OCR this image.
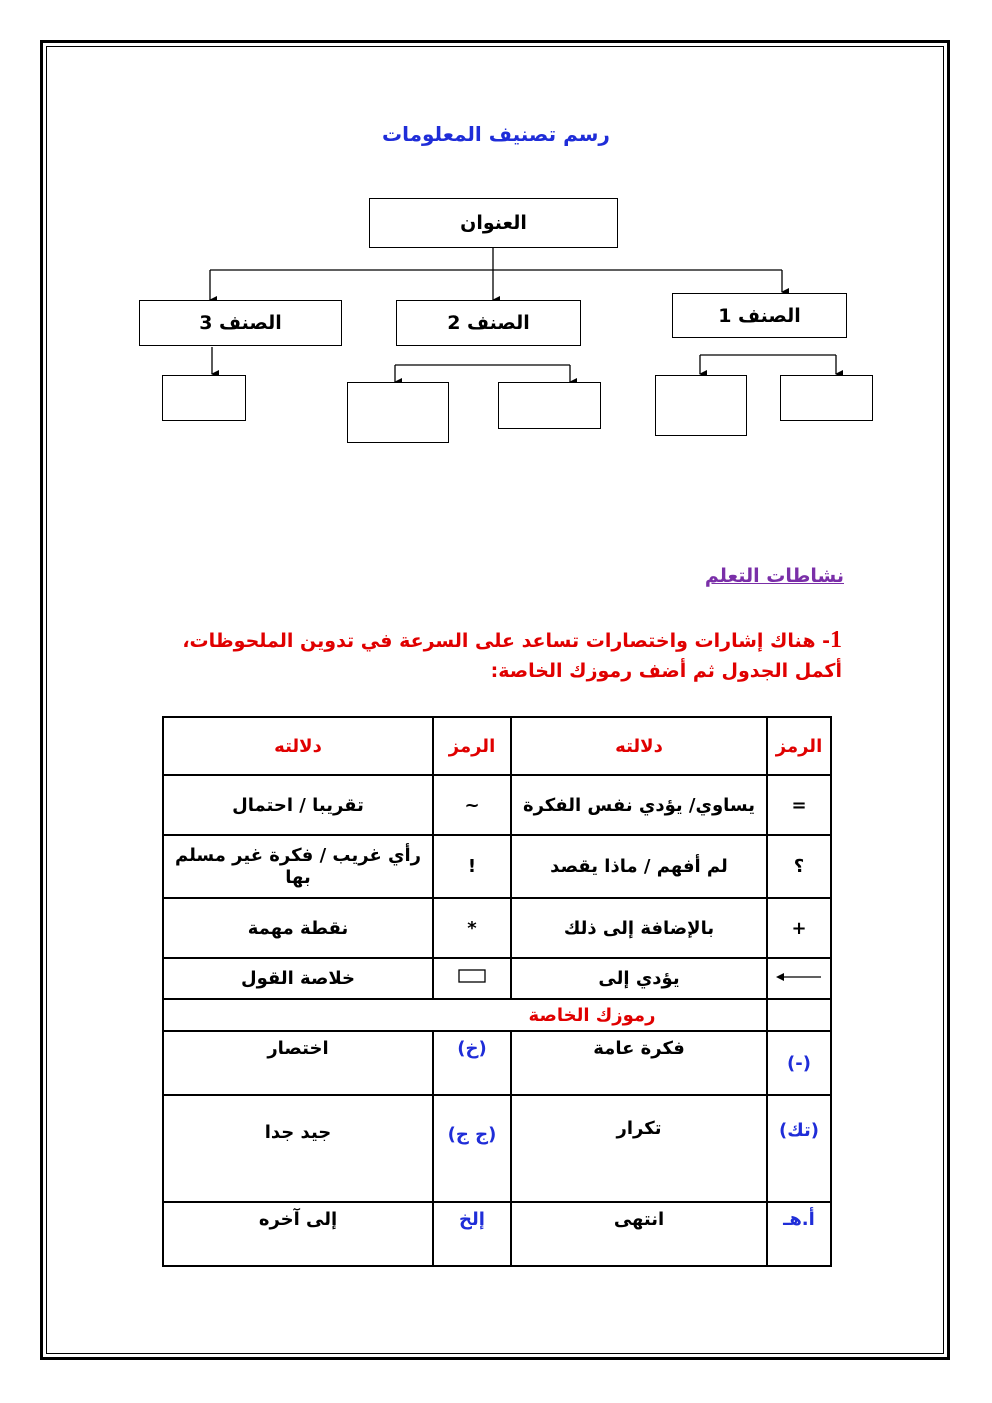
رسم تصنيف المعلومات
العنوان
الصنف 1
الصنف 2
الصنف 3
نشاطات التعلم
1- هناك إشارات واختصارات تساعد على السرعة في تدوين الملحوظات، أكمل الجدول ثم أضف رموزك الخاصة:
الرمز	دلالته	الرمز	دلالته
=	يساوي/ يؤدي نفس الفكرة	~	تقريبا / احتمال
؟	لم أفهم / ماذا يقصد	!	رأي غريب / فكرة غير مسلم بها
+	بالإضافة إلى ذلك	*	نقطة مهمة
	يؤدي إلى		خلاصة القول
	رموزك الخاصة		
(-)	فكرة عامة	(خ)	اختصار
(تك)	تكرار	(ج ج)	جيد جدا
أ.هـ	انتهى	إلخ	إلى آخره
